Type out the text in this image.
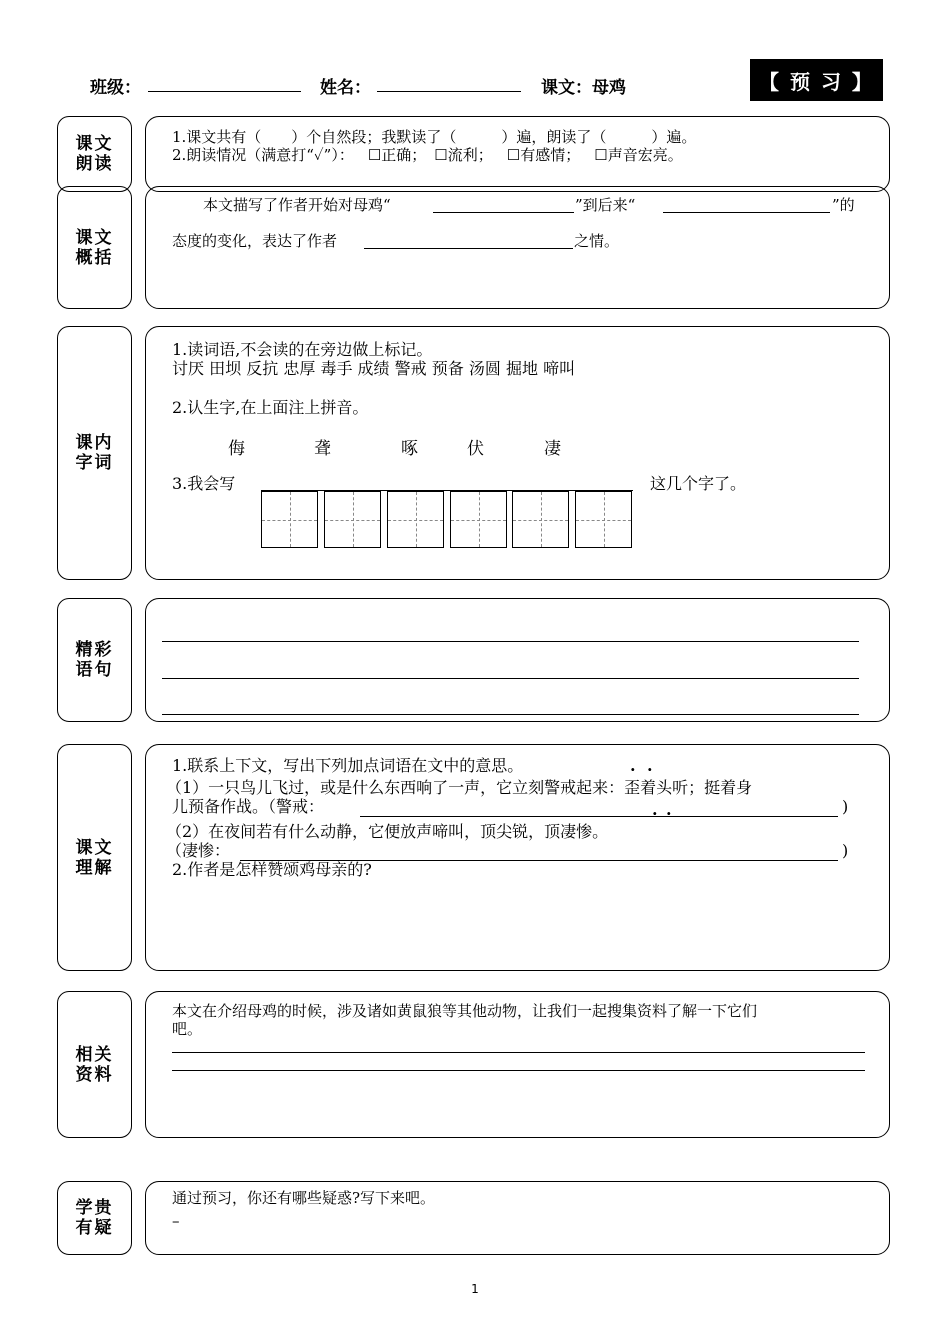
班级：	姓名：	课文：母鸡	【 预 习 】
课文朗读
1.课文共有（　　）个自然段；我默读了（　　　）遍，朗读了（　　　）遍。
2.朗读情况（满意打“✓”）： ☐正确； ☐流利； ☐有感情； ☐声音宏亮。
课文概括
本文描写了作者开始对母鸡“	”到后来“	”的
态度的变化，表达了作者	之情。
课内字词
1.读词语,不会读的在旁边做上标记。
讨厌 田坝 反抗 忠厚 毒手 成绩 警戒 预备 汤圆 掘地 啼叫
2.认生字,在上面注上拼音。
侮	聋	啄	伏	凄
3.我会写	这几个字了。
精彩语句
课文理解
1.联系上下文，写出下列加点词语在文中的意思。	· ·
（1）一只鸟儿飞过，或是什么东西响了一声，它立刻警戒起来：歪着头听；挺着身
儿预备作战。（警戒：	)
· ·
（2）在夜间若有什么动静，它便放声啼叫，顶尖锐，顶凄惨。
（凄惨：	)
2.作者是怎样赞颂鸡母亲的?
相关资料
本文在介绍母鸡的时候，涉及诸如黄鼠狼等其他动物，让我们一起搜集资料了解一下它们
吧。
学贵有疑
通过预习，你还有哪些疑惑?写下来吧。
–
1
